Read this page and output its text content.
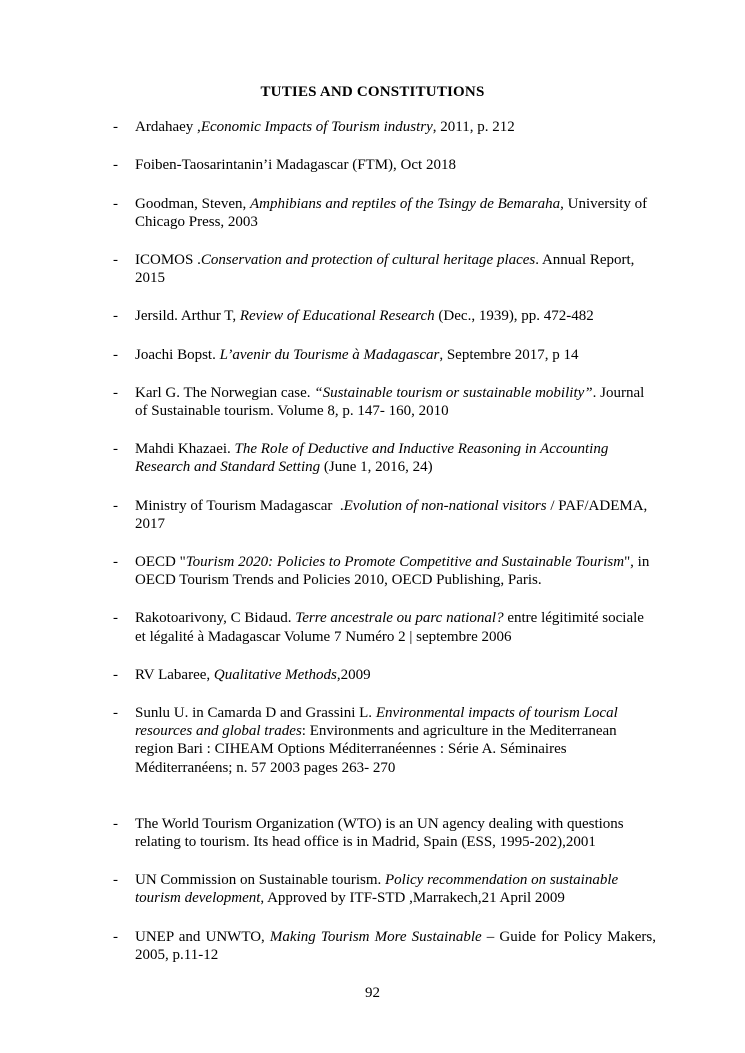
TUTIES AND CONSTITUTIONS
-	Ardahaey ,Economic Impacts of Tourism industry, 2011, p. 212
-	Foiben-Taosarintanin’i Madagascar (FTM), Oct 2018
-	Goodman, Steven, Amphibians and reptiles of the Tsingy de Bemaraha, University of Chicago Press, 2003
-	ICOMOS .Conservation and protection of cultural heritage places. Annual Report, 2015
-	Jersild. Arthur T, Review of Educational Research (Dec., 1939), pp. 472-482
-	Joachi Bopst. L’avenir du Tourisme à Madagascar, Septembre 2017, p 14
-	Karl G. The Norwegian case. “Sustainable tourism or sustainable mobility”. Journal of Sustainable tourism. Volume 8, p. 147- 160, 2010
-	Mahdi Khazaei. The Role of Deductive and Inductive Reasoning in Accounting Research and Standard Setting (June 1, 2016, 24)
-	Ministry of Tourism Madagascar  .Evolution of non-national visitors / PAF/ADEMA, 2017
-	OECD "Tourism 2020: Policies to Promote Competitive and Sustainable Tourism", in OECD Tourism Trends and Policies 2010, OECD Publishing, Paris.
-	Rakotoarivony, C Bidaud. Terre ancestrale ou parc national? entre légitimité sociale et légalité à Madagascar Volume 7 Numéro 2 | septembre 2006
-	RV Labaree, Qualitative Methods,2009
-	Sunlu U. in Camarda D and Grassini L. Environmental impacts of tourism Local resources and global trades: Environments and agriculture in the Mediterranean region Bari : CIHEAM Options Méditerranéennes : Série A. Séminaires Méditerranéens; n. 57 2003 pages 263- 270
-	The World Tourism Organization (WTO) is an UN agency dealing with questions relating to tourism. Its head office is in Madrid, Spain (ESS, 1995-202),2001
-	UN Commission on Sustainable tourism. Policy recommendation on sustainable tourism development, Approved by ITF-STD ,Marrakech,21 April 2009
-	UNEP and UNWTO, Making Tourism More Sustainable – Guide for Policy Makers, 2005, p.11-12
92
